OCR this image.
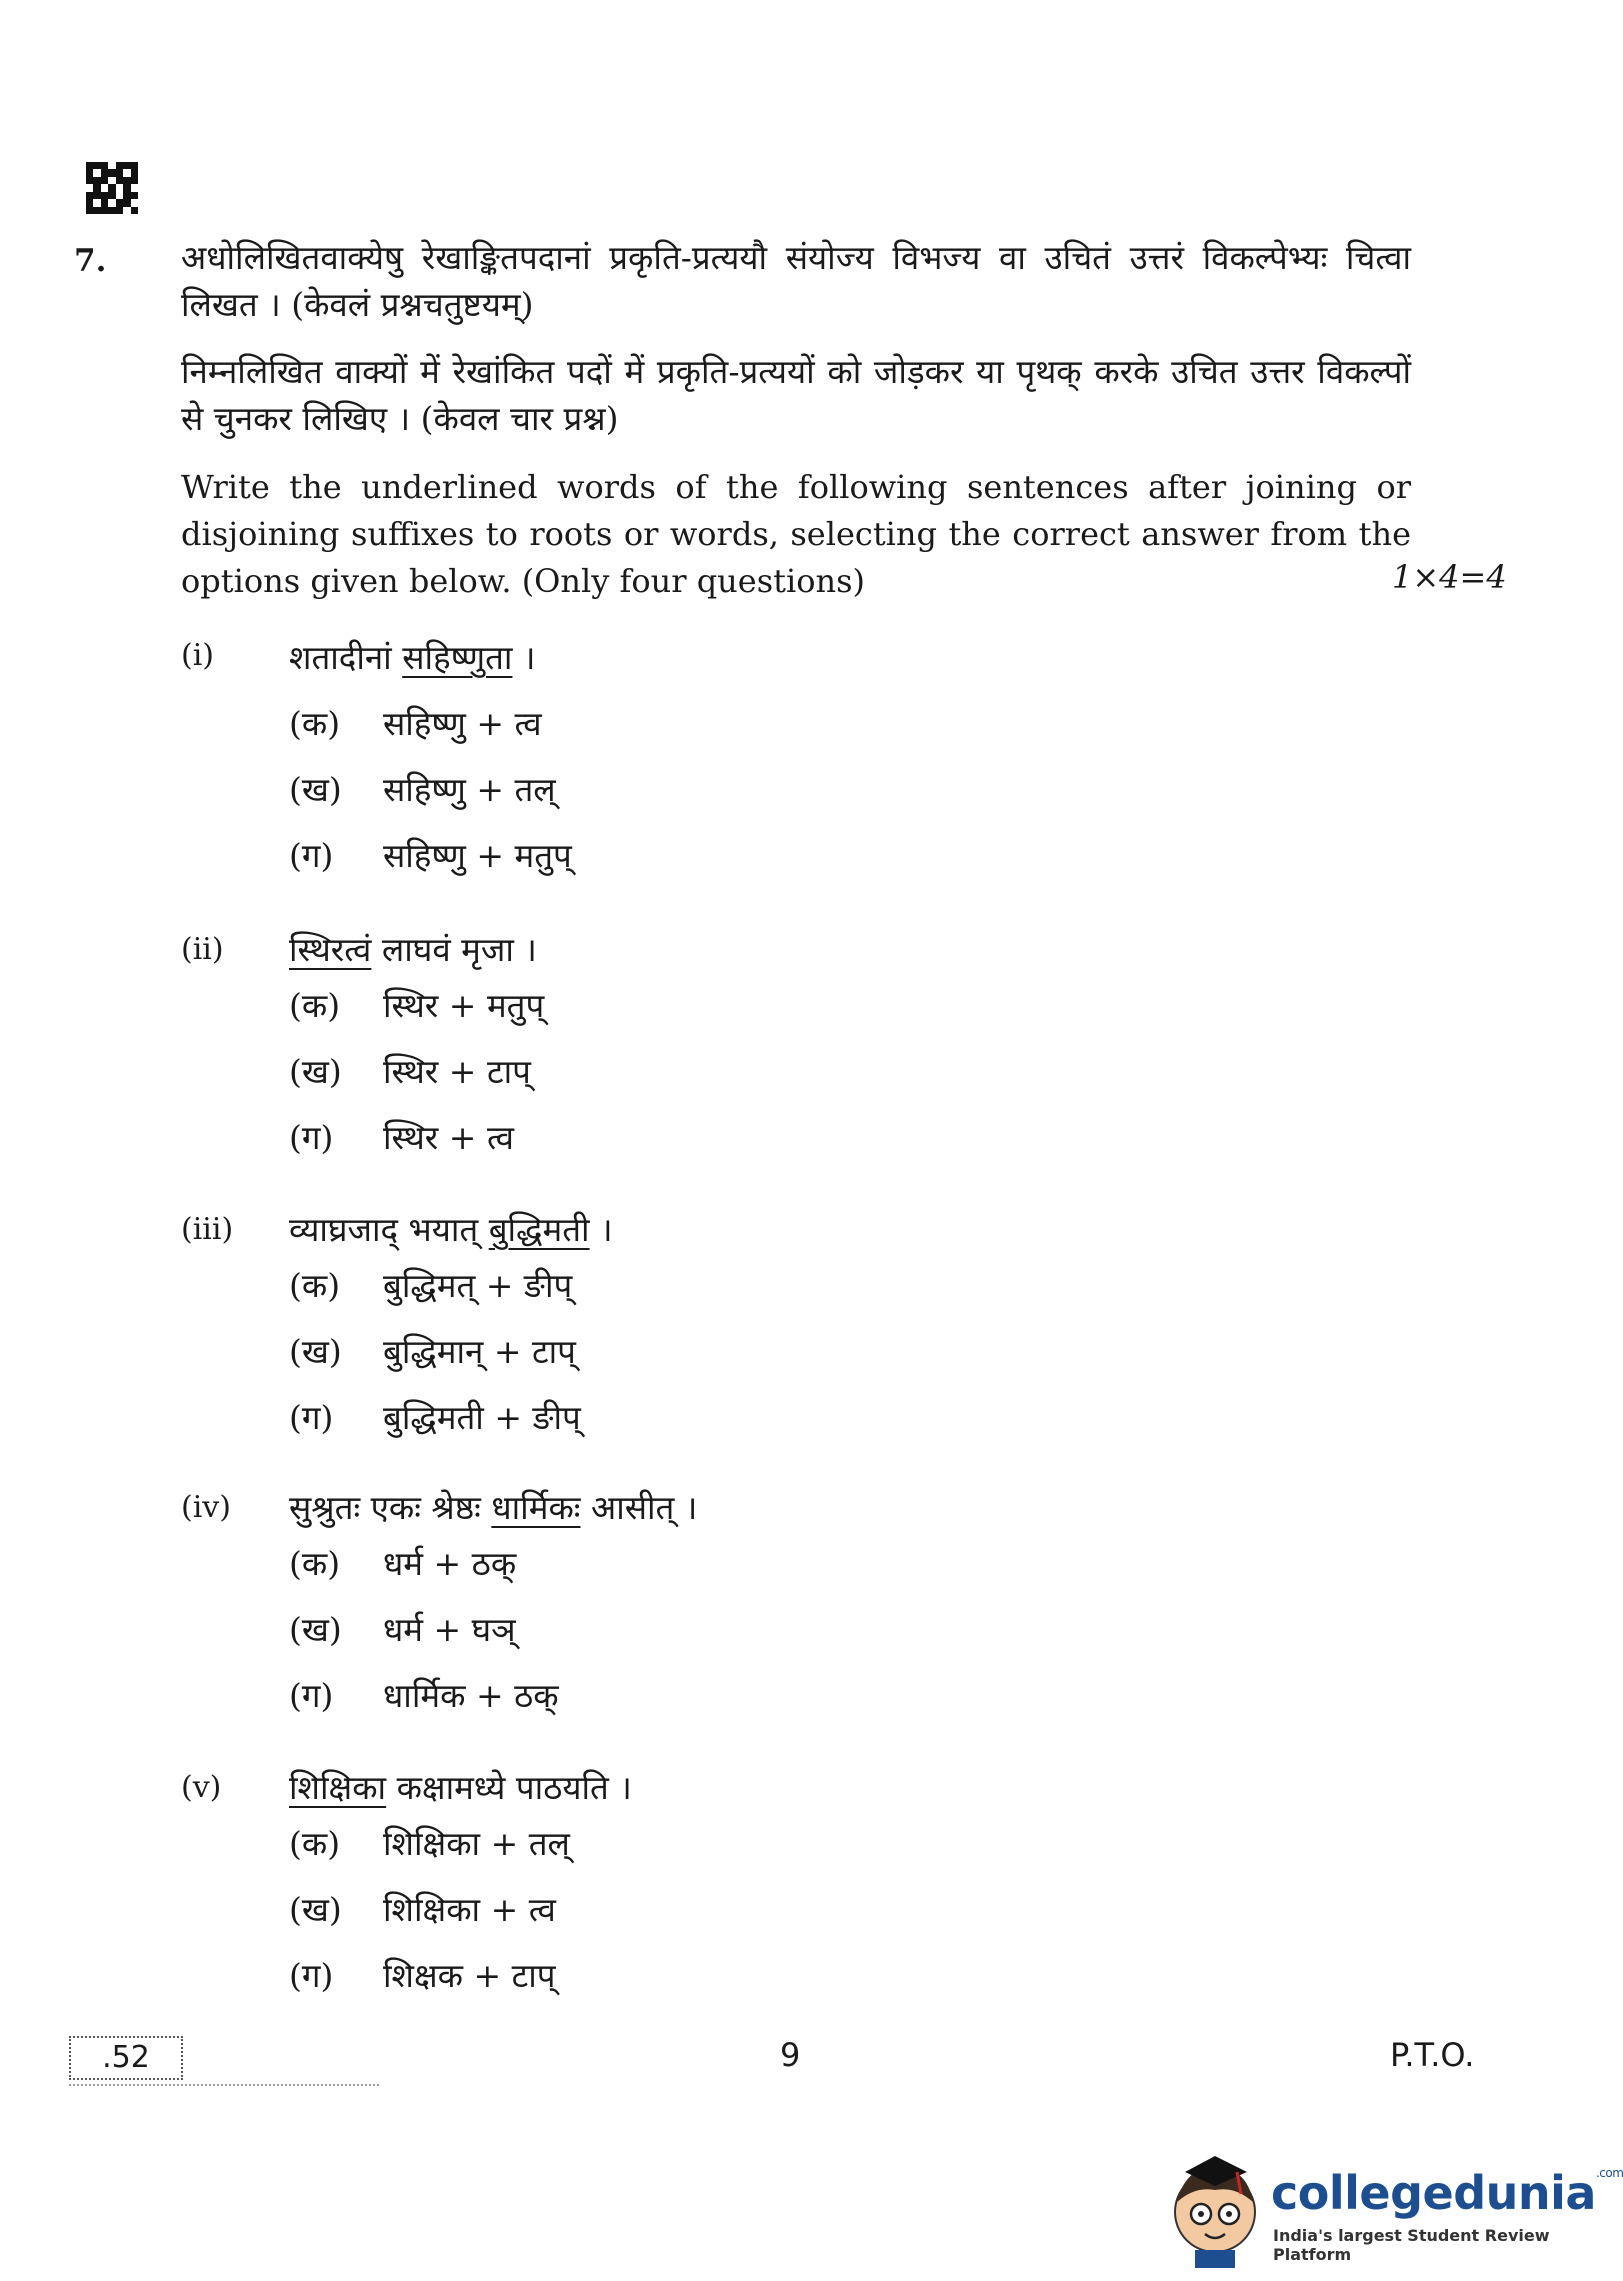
7. अधोलिखितवाक्येषु रेखाङ्कितपदानां प्रकृति-प्रत्ययौ संयोज्य विभज्य वा उचितं उत्तरं विकल्पेभ्यः चित्वा लिखत । (केवलं प्रश्नचतुष्टयम्)
निम्नलिखित वाक्यों में रेखांकित पदों में प्रकृति-प्रत्ययों को जोड़कर या पृथक् करके उचित उत्तर विकल्पों से चुनकर लिखिए । (केवल चार प्रश्न)
Write the underlined words of the following sentences after joining or disjoining suffixes to roots or words, selecting the correct answer from the options given below. (Only four questions)	1×4=4
(i) शतादीनां सहिष्णुता ।
(क) सहिष्णु + त्व
(ख) सहिष्णु + तल्
(ग) सहिष्णु + मतुप्
(ii) स्थिरत्वं लाघवं मृजा ।
(क) स्थिर + मतुप्
(ख) स्थिर + टाप्
(ग) स्थिर + त्व
(iii) व्याघ्रजाद् भयात् बुद्धिमती ।
(क) बुद्धिमत् + ङीप्
(ख) बुद्धिमान् + टाप्
(ग) बुद्धिमती + ङीप्
(iv) सुश्रुतः एकः श्रेष्ठः धार्मिकः आसीत् ।
(क) धर्म + ठक्
(ख) धर्म + घञ्
(ग) धार्मिक + ठक्
(v) शिक्षिका कक्षामध्ये पाठयति ।
(क) शिक्षिका + तल्
(ख) शिक्षिका + त्व
(ग) शिक्षक + टाप्
.52	9	P.T.O.
collegedunia$^{.com}$
India's largest Student Review Platform
